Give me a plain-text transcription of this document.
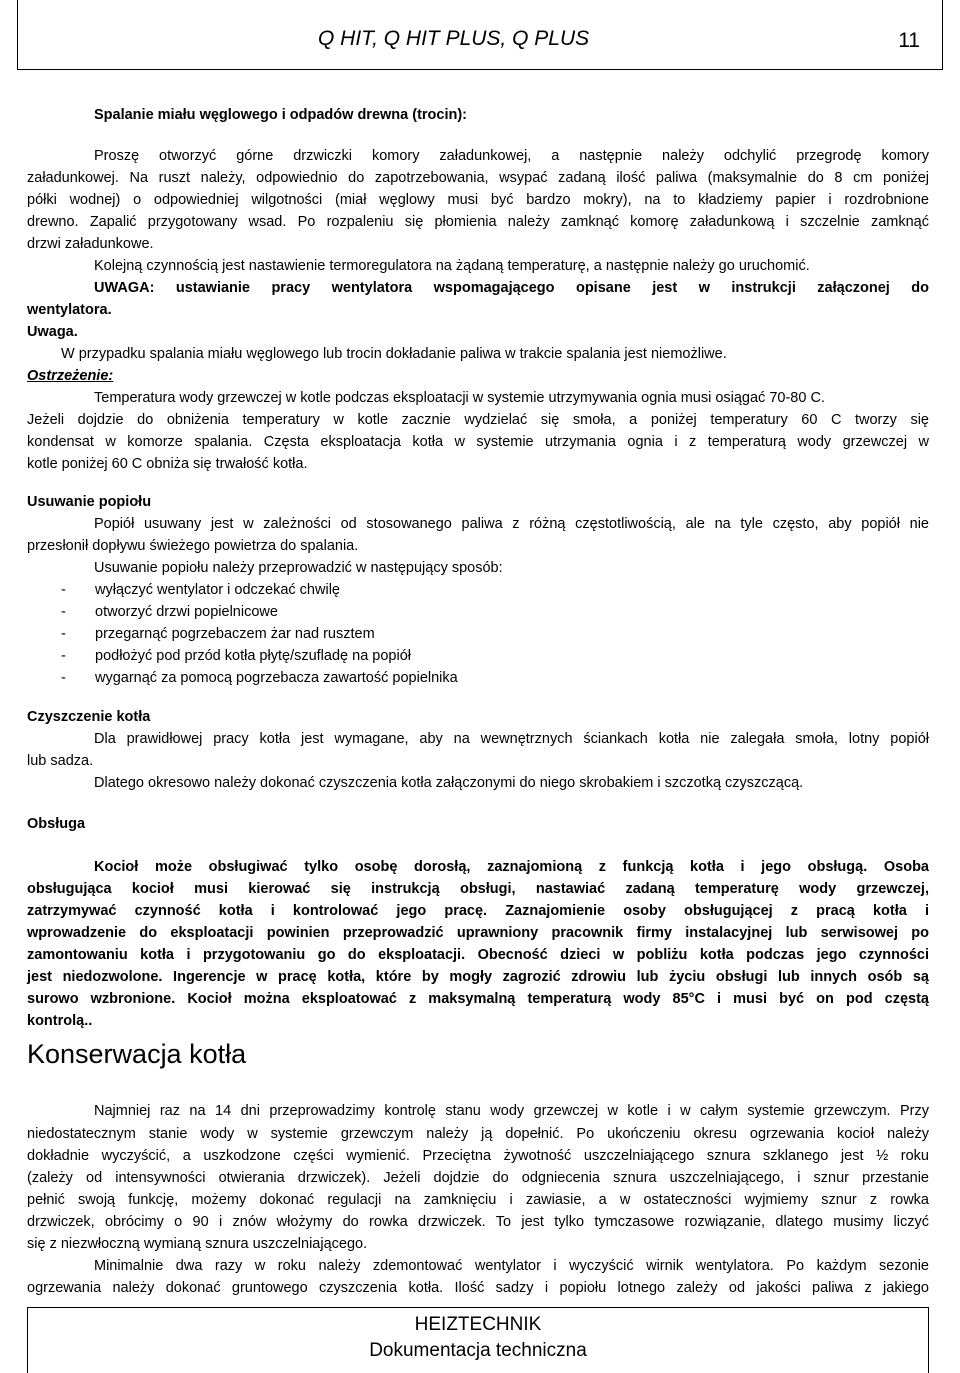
Q HIT, Q HIT PLUS, Q PLUS	11
Spalanie miału węglowego i odpadów drewna (trocin):
Proszę otworzyć górne drzwiczki komory załadunkowej, a następnie należy odchylić przegrodę komory
załadunkowej. Na ruszt należy, odpowiednio do zapotrzebowania, wsypać zadaną ilość paliwa (maksymalnie do 8 cm poniżej
półki wodnej) o odpowiedniej wilgotności (miał węglowy musi być bardzo mokry), na to kładziemy papier i rozdrobnione
drewno. Zapalić przygotowany wsad. Po rozpaleniu się płomienia należy zamknąć komorę załadunkową i szczelnie zamknąć
drzwi załadunkowe.
Kolejną czynnością jest nastawienie termoregulatora na żądaną temperaturę, a następnie należy go uruchomić.
UWAGA: ustawianie pracy wentylatora wspomagającego opisane jest w instrukcji załączonej do
wentylatora.
Uwaga.
W przypadku spalania miału węglowego lub trocin dokładanie paliwa w trakcie spalania jest niemożliwe.
Ostrzeżenie:
Temperatura wody grzewczej w kotle podczas eksploatacji w systemie utrzymywania ognia musi osiągać 70-80 C.
Jeżeli dojdzie do obniżenia temperatury w kotle zacznie wydzielać się smoła, a poniżej temperatury 60 C tworzy się
kondensat w komorze spalania. Częsta eksploatacja kotła w systemie utrzymania ognia i z temperaturą wody grzewczej w
kotle poniżej 60 C obniża się trwałość kotła.
Usuwanie popiołu
Popiół usuwany jest w zależności od stosowanego paliwa z różną częstotliwością, ale na tyle często, aby popiół nie
przesłonił dopływu świeżego powietrza do spalania.
Usuwanie popiołu należy przeprowadzić w następujący sposób:
- wyłączyć wentylator i odczekać chwilę
- otworzyć drzwi popielnicowe
- przegarnąć pogrzebaczem żar nad rusztem
- podłożyć pod przód kotła płytę/szufladę na popiół
- wygarnąć za pomocą pogrzebacza zawartość popielnika
Czyszczenie kotła
Dla prawidłowej pracy kotła jest wymagane, aby na wewnętrznych ściankach kotła nie zalegała smoła, lotny popiół
lub sadza.
Dlatego okresowo należy dokonać czyszczenia kotła załączonymi do niego skrobakiem i szczotką czyszczącą.
Obsługa
Kocioł może obsługiwać tylko osobę dorosłą, zaznajomioną z funkcją kotła i jego obsługą. Osoba
obsługująca kocioł musi kierować się instrukcją obsługi, nastawiać zadaną temperaturę wody grzewczej,
zatrzymywać czynność kotła i kontrolować jego pracę. Zaznajomienie osoby obsługującej z pracą kotła i
wprowadzenie do eksploatacji powinien przeprowadzić uprawniony pracownik firmy instalacyjnej lub serwisowej po
zamontowaniu kotła i przygotowaniu go do eksploatacji. Obecność dzieci w pobliżu kotła podczas jego czynności
jest niedozwolone. Ingerencje w pracę kotła, które by mogły zagrozić zdrowiu lub życiu obsługi lub innych osób są
surowo wzbronione. Kocioł można eksploatować z maksymalną temperaturą wody 85°C i musi być on pod częstą
kontrolą..
Konserwacja kotła
Najmniej raz na 14 dni przeprowadzimy kontrolę stanu wody grzewczej w kotle i w całym systemie grzewczym. Przy
niedostatecznym stanie wody w systemie grzewczym należy ją dopełnić. Po ukończeniu okresu ogrzewania kocioł należy
dokładnie wyczyścić, a uszkodzone części wymienić. Przeciętna żywotność uszczelniającego sznura szklanego jest ½ roku
(zależy od intensywności otwierania drzwiczek). Jeżeli dojdzie do odgniecenia sznura uszczelniającego, i sznur przestanie
pełnić swoją funkcję, możemy dokonać regulacji na zamknięciu i zawiasie, a w ostateczności wyjmiemy sznur z rowka
drzwiczek, obrócimy o 90 i znów włożymy do rowka drzwiczek. To jest tylko tymczasowe rozwiązanie, dlatego musimy liczyć
się z niezwłoczną wymianą sznura uszczelniającego.
Minimalnie dwa razy w roku należy zdemontować wentylator i wyczyścić wirnik wentylatora. Po każdym sezonie
ogrzewania należy dokonać gruntowego czyszczenia kotła. Ilość sadzy i popiołu lotnego zależy od jakości paliwa z jakiego
HEIZTECHNIK
Dokumentacja techniczna
